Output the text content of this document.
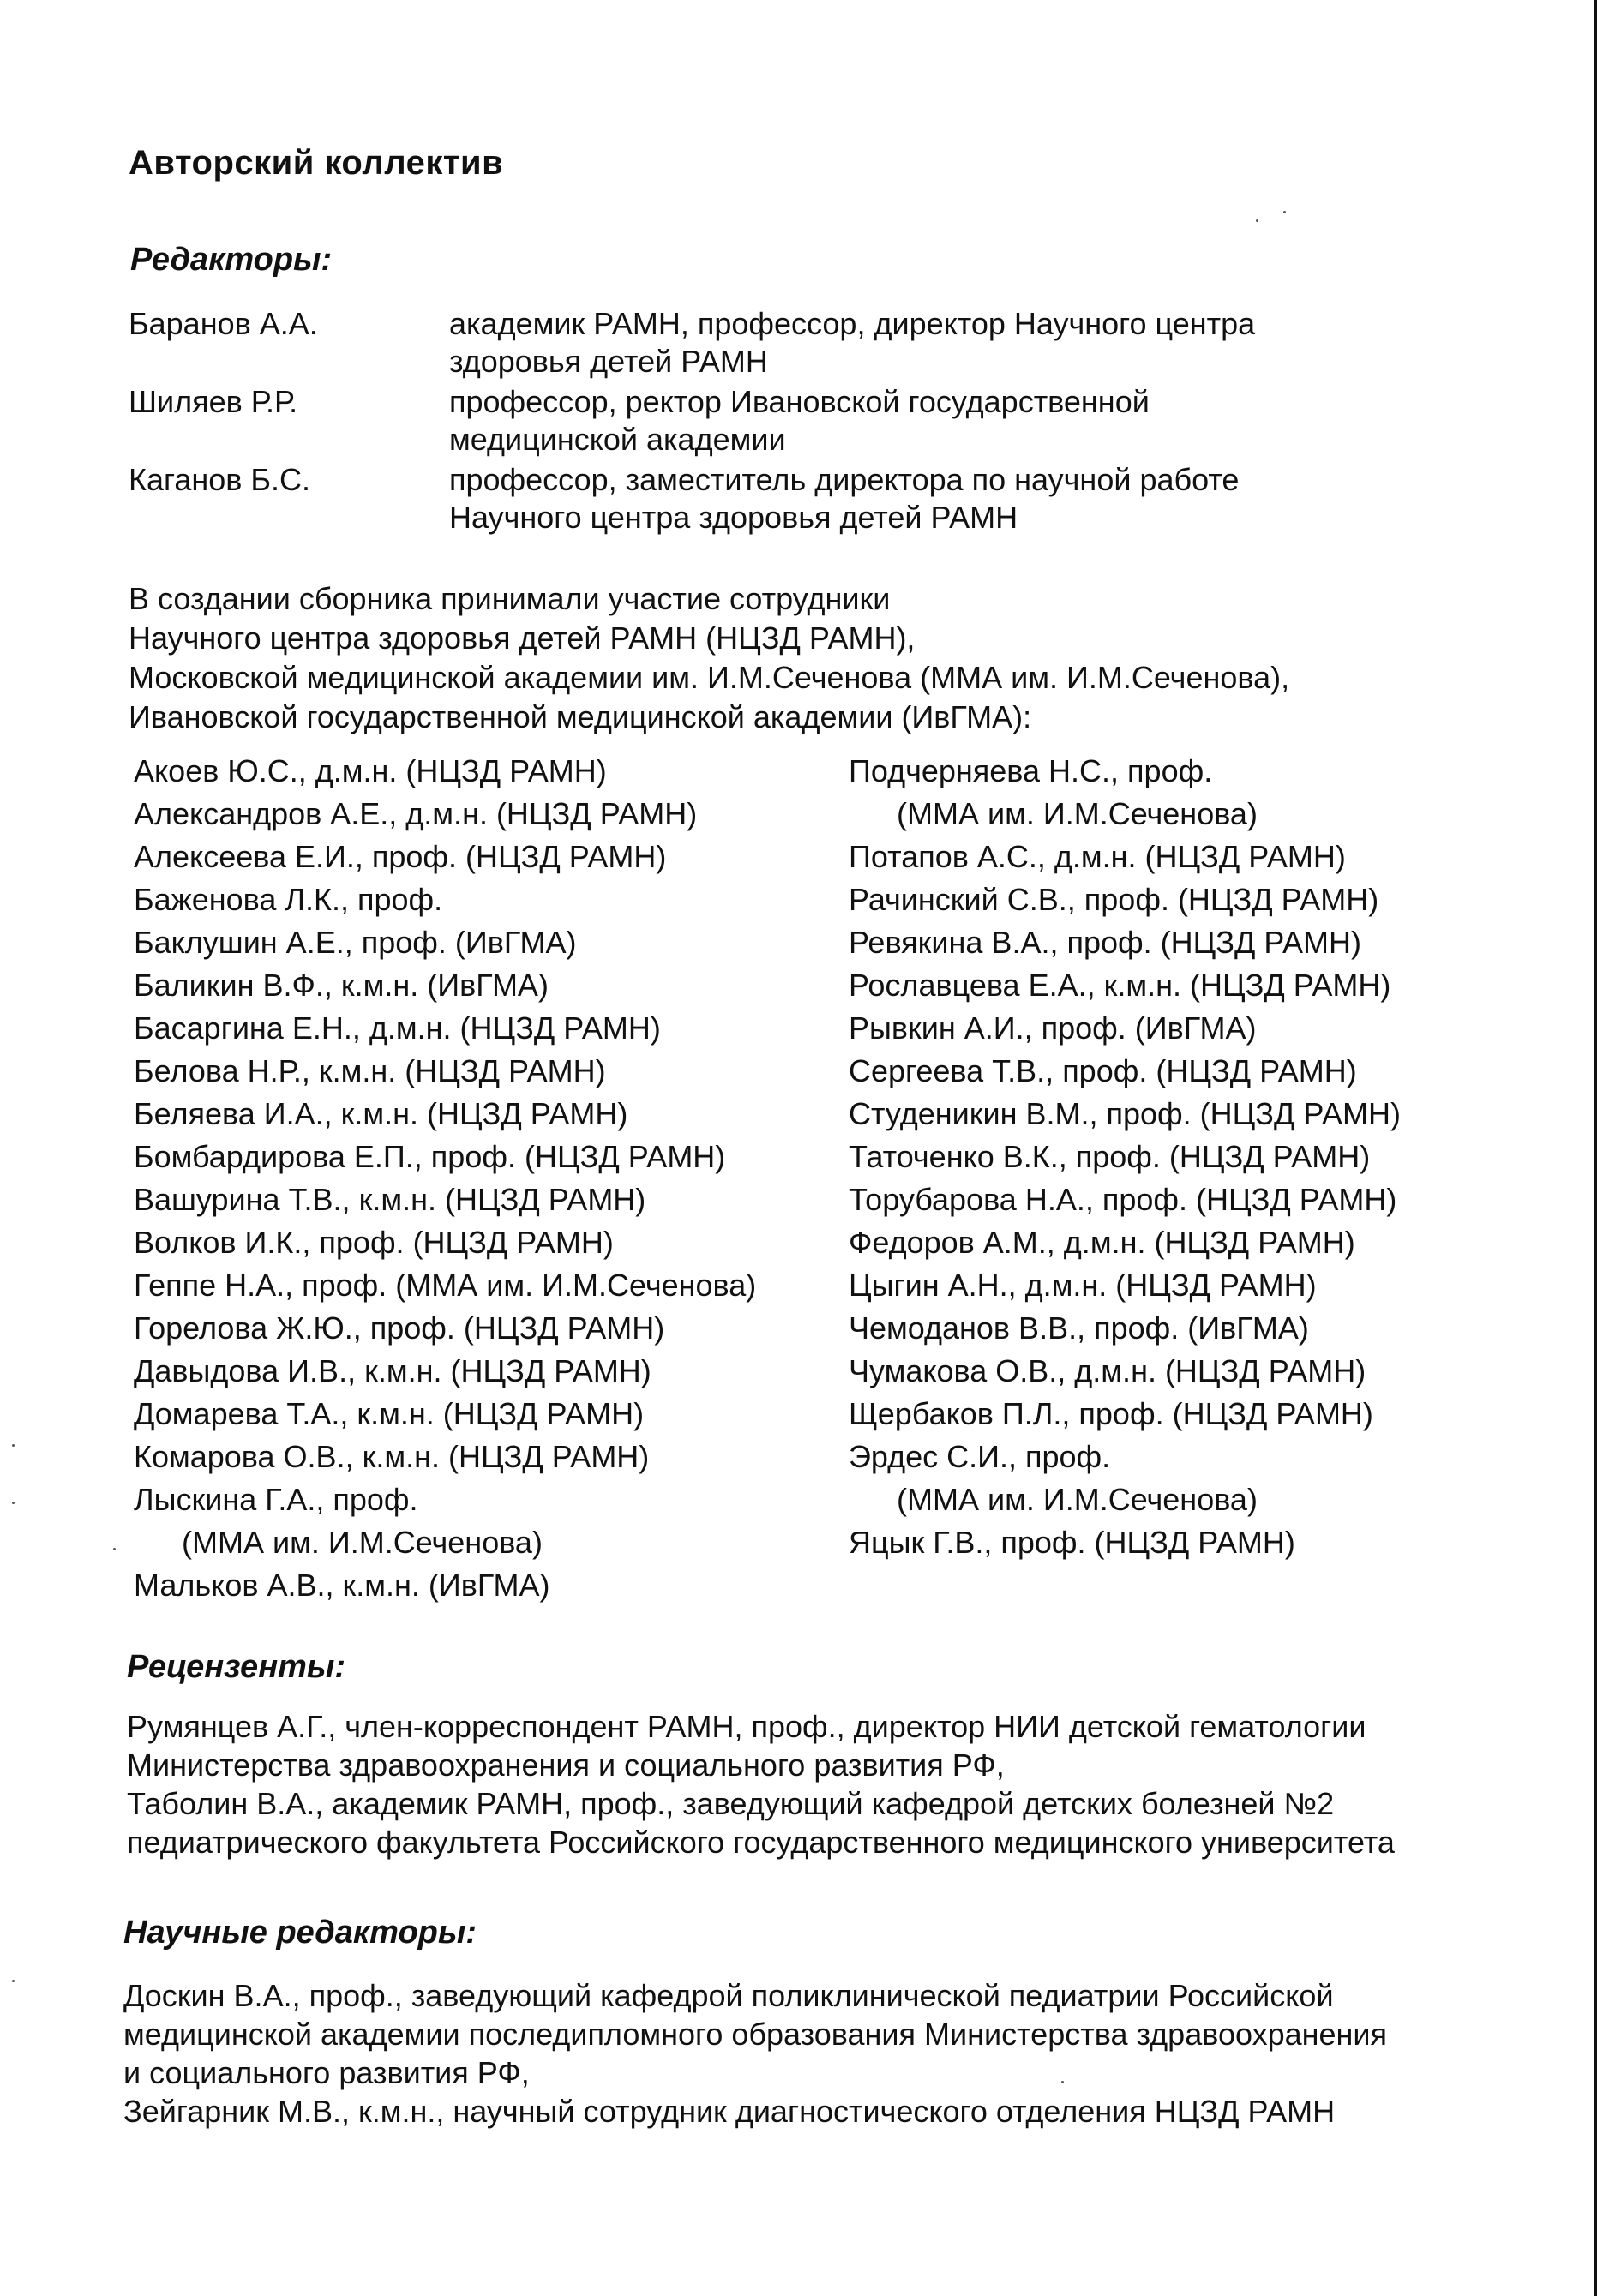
Авторский коллектив
Редакторы:
Баранов А.А.	академик РАМН, профессор, директор Научного центра
здоровья детей РАМН
Шиляев Р.Р.	профессор, ректор Ивановской государственной
медицинской академии
Каганов Б.С.	профессор, заместитель директора по научной работе
Научного центра здоровья детей РАМН
В создании сборника принимали участие сотрудники
Научного центра здоровья детей РАМН (НЦЗД РАМН),
Московской медицинской академии им. И.М.Сеченова (ММА им. И.М.Сеченова),
Ивановской государственной медицинской академии (ИвГМА):
Акоев Ю.С., д.м.н. (НЦЗД РАМН)
Александров А.Е., д.м.н. (НЦЗД РАМН)
Алексеева Е.И., проф. (НЦЗД РАМН)
Баженова Л.К., проф.
Баклушин А.Е., проф. (ИвГМА)
Баликин В.Ф., к.м.н. (ИвГМА)
Басаргина Е.Н., д.м.н. (НЦЗД РАМН)
Белова Н.Р., к.м.н. (НЦЗД РАМН)
Беляева И.А., к.м.н. (НЦЗД РАМН)
Бомбардирова Е.П., проф. (НЦЗД РАМН)
Вашурина Т.В., к.м.н. (НЦЗД РАМН)
Волков И.К., проф. (НЦЗД РАМН)
Геппе Н.А., проф. (ММА им. И.М.Сеченова)
Горелова Ж.Ю., проф. (НЦЗД РАМН)
Давыдова И.В., к.м.н. (НЦЗД РАМН)
Домарева Т.А., к.м.н. (НЦЗД РАМН)
Комарова О.В., к.м.н. (НЦЗД РАМН)
Лыскина Г.А., проф.
(ММА им. И.М.Сеченова)
Мальков А.В., к.м.н. (ИвГМА)
Подчерняева Н.С., проф.
(ММА им. И.М.Сеченова)
Потапов А.С., д.м.н. (НЦЗД РАМН)
Рачинский С.В., проф. (НЦЗД РАМН)
Ревякина В.А., проф. (НЦЗД РАМН)
Рославцева Е.А., к.м.н. (НЦЗД РАМН)
Рывкин А.И., проф. (ИвГМА)
Сергеева Т.В., проф. (НЦЗД РАМН)
Студеникин В.М., проф. (НЦЗД РАМН)
Таточенко В.К., проф. (НЦЗД РАМН)
Торубарова Н.А., проф. (НЦЗД РАМН)
Федоров А.М., д.м.н. (НЦЗД РАМН)
Цыгин А.Н., д.м.н. (НЦЗД РАМН)
Чемоданов В.В., проф. (ИвГМА)
Чумакова О.В., д.м.н. (НЦЗД РАМН)
Щербаков П.Л., проф. (НЦЗД РАМН)
Эрдес С.И., проф.
(ММА им. И.М.Сеченова)
Яцык Г.В., проф. (НЦЗД РАМН)
Рецензенты:
Румянцев А.Г., член-корреспондент РАМН, проф., директор НИИ детской гематологии
Министерства здравоохранения и социального развития РФ,
Таболин В.А., академик РАМН, проф., заведующий кафедрой детских болезней №2
педиатрического факультета Российского государственного медицинского университета
Научные редакторы:
Доскин В.А., проф., заведующий кафедрой поликлинической педиатрии Российской
медицинской академии последипломного образования Министерства здравоохранения
и социального развития РФ,
Зейгарник М.В., к.м.н., научный сотрудник диагностического отделения НЦЗД РАМН
